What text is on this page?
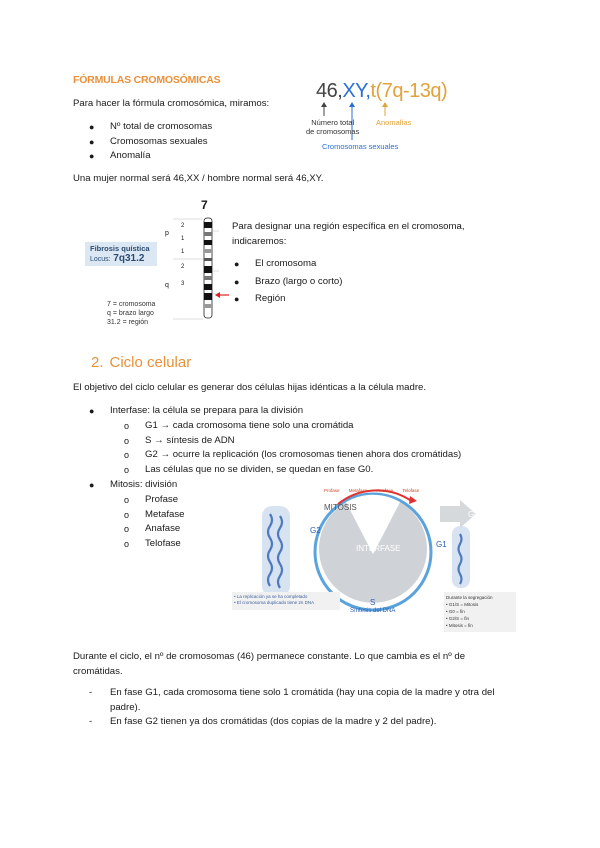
FÓRMULAS CROMOSÓMICAS
Para hacer la fórmula cromosómica, miramos:
● Nº total de cromosomas
● Cromosomas sexuales
● Anomalía
Una mujer normal será 46,XX / hombre normal será 46,XY.
46,XY,t(7q-13q)
Número total
de cromosomas
Anomalías
Cromosomas sexuales
7
p
q
2
1
1
2
3
Fibrosis quística
Locus: 7q31.2
7 = cromosoma
q = brazo largo
31.2 = región
Para designar una región específica en el cromosoma,
indicaremos:
● El cromosoma
● Brazo (largo o corto)
● Región
2. Ciclo celular
El objetivo del ciclo celular es generar dos células hijas idénticas a la célula madre.
● Interfase: la célula se prepara para la división
o G1 → cada cromosoma tiene solo una cromátida
o S → síntesis de ADN
o G2 → ocurre la replicación (los cromosomas tienen ahora dos cromátidas)
o Las células que no se dividen, se quedan en fase G0.
● Mitosis: división
o Profase
o Metafase
o Anafase
o Telofase
MITOSIS
INTERFASE
G2
G1
S
Síntesis del DNA
G0
Profase Metafase Anafase Telofase
• La replicación ya se ha completado
• El cromosoma duplicado tiene 2n DNA
Durante la segregación
• G1/S = Mitosis
• G0 = fin
• G2/S = fin
• Mitosis = fin
Durante el ciclo, el nº de cromosomas (46) permanece constante. Lo que cambia es el nº de
cromátidas.
- En fase G1, cada cromosoma tiene solo 1 cromátida (hay una copia de la madre y otra del
padre).
- En fase G2 tienen ya dos cromátidas (dos copias de la madre y 2 del padre).
